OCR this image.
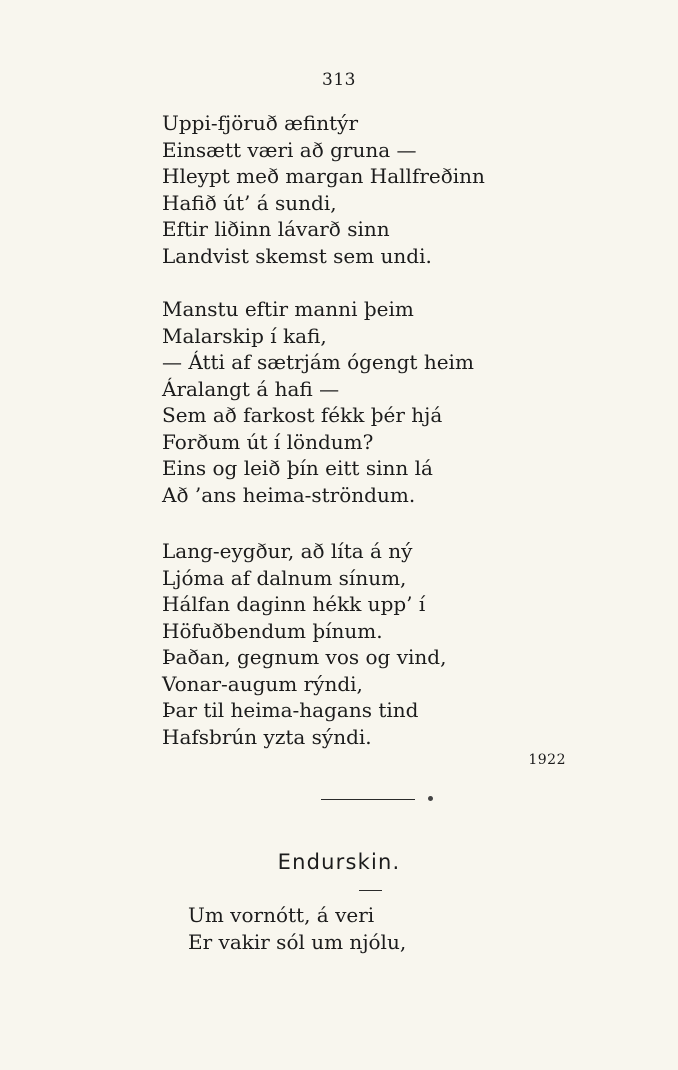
313
Uppi-fjöruð æfintýr
Einsætt væri að gruna —
Hleypt með margan Hallfreðinn
Hafið út’ á sundi,
Eftir liðinn lávarð sinn
Landvist skemst sem undi.
Manstu eftir manni þeim
Malarskip í kafi,
— Átti af sætrjám ógengt heim
Áralangt á hafi —
Sem að farkost fékk þér hjá
Forðum út í löndum?
Eins og leið þín eitt sinn lá
Að ’ans heima-ströndum.
Lang-eygður, að líta á ný
Ljóma af dalnum sínum,
Hálfan daginn hékk upp’ í
Höfuðbendum þínum.
Þaðan, gegnum vos og vind,
Vonar-augum rýndi,
Þar til heima-hagans tind
Hafsbrún yzta sýndi.
1922
Endurskin.
Um vornótt, á veri
Er vakir sól um njólu,
